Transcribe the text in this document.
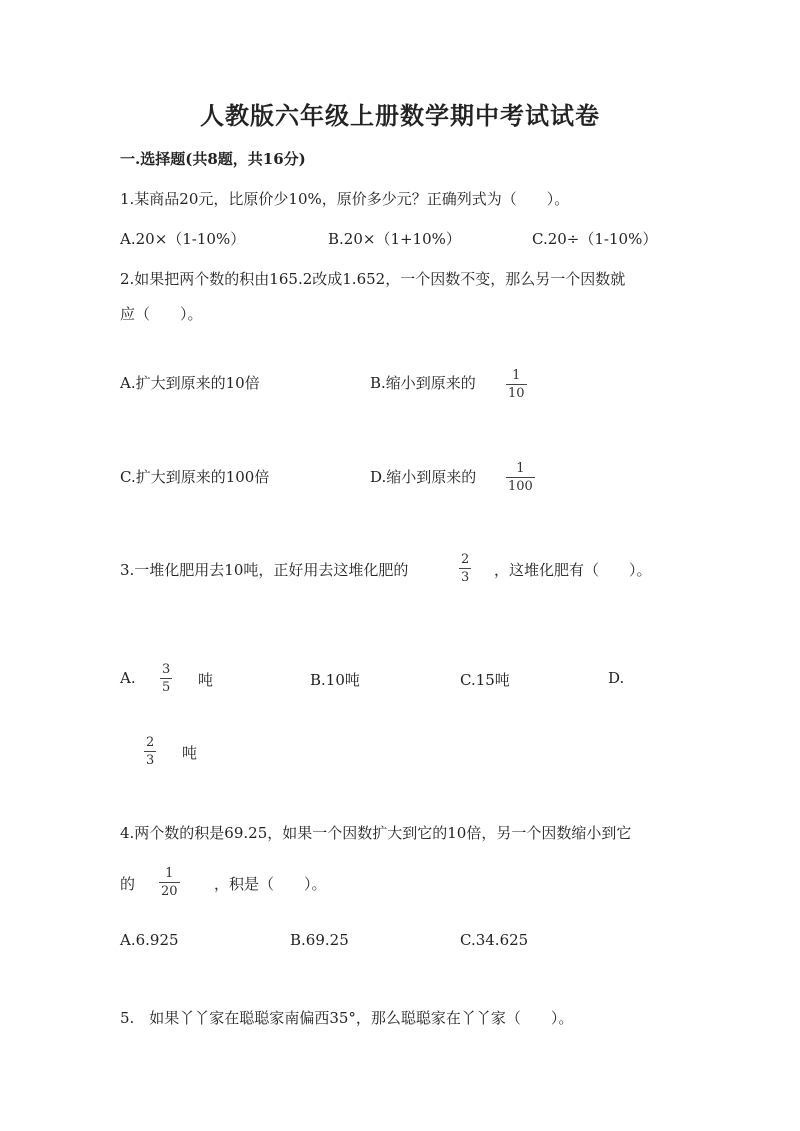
人教版六年级上册数学期中考试试卷
一.选择题(共8题，共16分)
1.某商品20元，比原价少10%，原价多少元？正确列式为（　　）。
A.20×（1-10%）	B.20×（1+10%）	C.20÷（1-10%）
2.如果把两个数的积由165.2改成1.652，一个因数不变，那么另一个因数就
应（　　）。
A.扩大到原来的10倍	B.缩小到原来的	1
10
C.扩大到原来的100倍	D.缩小到原来的	1
100
3.一堆化肥用去10吨，正好用去这堆化肥的
2
3 ，这堆化肥有（　　）。
A. 3
5 吨	B.10吨	C.15吨	D.
2
3 吨
4.两个数的积是69.25，如果一个因数扩大到它的10倍，另一个因数缩小到它
的
1
20 ，积是（　　）。
A.6.925	B.69.25	C.34.625
5.　如果丫丫家在聪聪家南偏西35°，那么聪聪家在丫丫家（　　）。
